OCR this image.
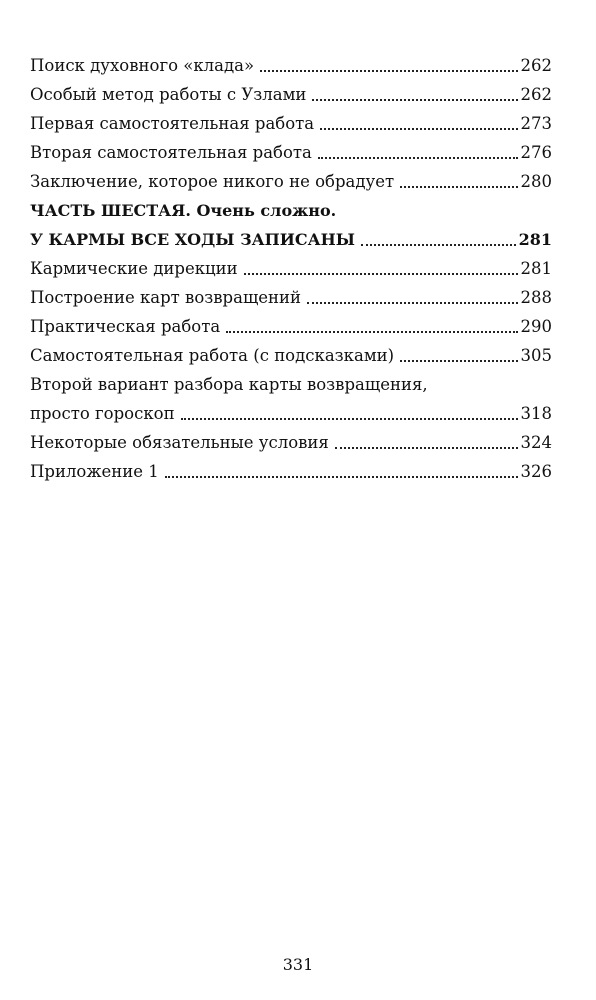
Поиск духовного «клада»	262
Особый метод работы с Узлами	262
Первая самостоятельная работа	273
Вторая самостоятельная работа	276
Заключение, которое никого не обрадует	280
ЧАСТЬ ШЕСТАЯ. Очень сложно.
У КАРМЫ ВСЕ ХОДЫ ЗАПИСАНЫ	281
Кармические дирекции	281
Построение карт возвращений	288
Практическая работа	290
Самостоятельная работа (с подсказками)	305
Второй вариант разбора карты возвращения,
просто гороскоп	318
Некоторые обязательные условия	324
Приложение 1	326
331
